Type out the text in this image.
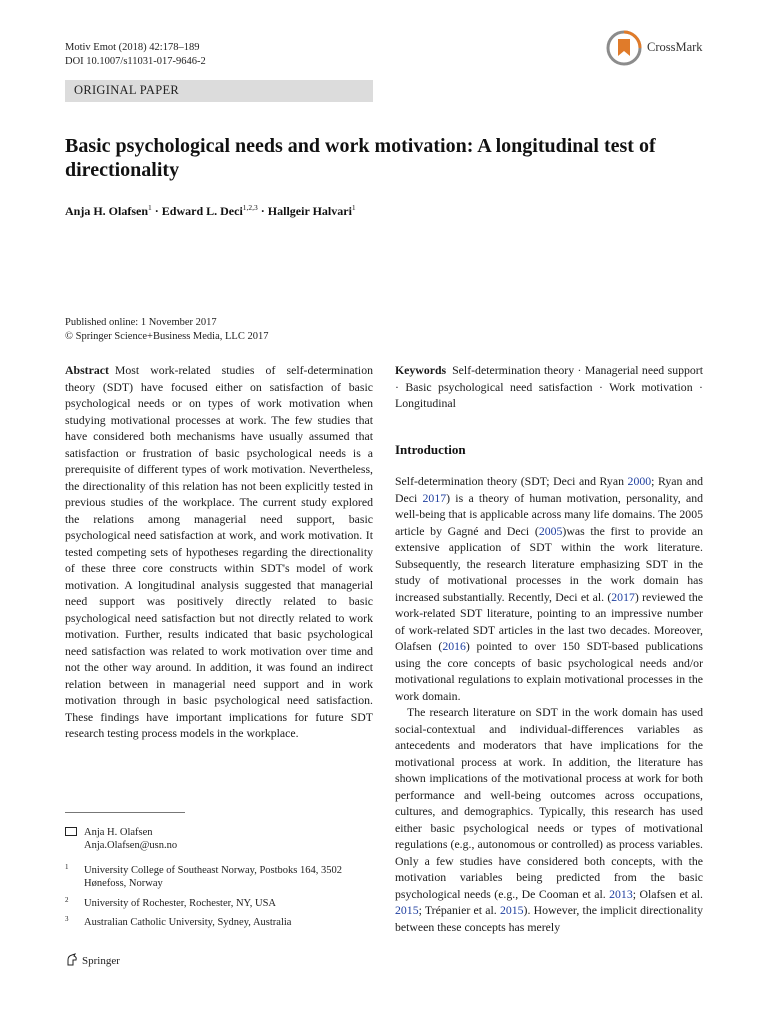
Motiv Emot (2018) 42:178–189
DOI 10.1007/s11031-017-9646-2
CrossMark
ORIGINAL PAPER
Basic psychological needs and work motivation: A longitudinal test of directionality
Anja H. Olafsen$^1$ · Edward L. Deci$^{1,2,3}$ · Hallgeir Halvari$^1$
Published online: 1 November 2017
© Springer Science+Business Media, LLC 2017

Abstract Most work-related studies of self-determination theory (SDT) have focused either on satisfaction of basic psychological needs or on types of work motivation when studying motivational processes at work. The few studies that have considered both mechanisms have usually assumed that satisfaction or frustration of basic psychological needs is a prerequisite of different types of work motivation. Nevertheless, the directionality of this relation has not been explicitly tested in previous studies of the workplace. The current study explored the relations among managerial need support, basic psychological need satisfaction at work, and work motivation. It tested competing sets of hypotheses regarding the directionality of these three core constructs within SDT's model of work motivation. A longitudinal analysis suggested that managerial need support was positively directly related to basic psychological need satisfaction but not directly related to work motivation. Further, results indicated that basic psychological need satisfaction was related to work motivation over time and not the other way around. In addition, it was found an indirect relation between in managerial need support and in work motivation through in basic psychological need satisfaction. These findings have important implications for future SDT research testing process models in the workplace.

Keywords Self-determination theory · Managerial need support · Basic psychological need satisfaction · Work motivation · Longitudinal

Introduction

Self-determination theory (SDT; Deci and Ryan 2000; Ryan and Deci 2017) is a theory of human motivation, personality, and well-being that is applicable across many life domains. The 2005 article by Gagné and Deci (2005)was the first to provide an extensive application of SDT within the work literature. Subsequently, the research literature emphasizing SDT in the study of motivational processes in the work domain has increased substantially. Recently, Deci et al. (2017) reviewed the work-related SDT literature, pointing to an impressive number of work-related SDT articles in the last two decades. Moreover, Olafsen (2016) pointed to over 150 SDT-based publications using the core concepts of basic psychological needs and/or motivational regulations to explain motivational processes in the work domain.

The research literature on SDT in the work domain has used social-contextual and individual-differences variables as antecedents and moderators that have implications for the motivational process at work. In addition, the literature has shown implications of the motivational process at work for both performance and well-being outcomes across occupations, cultures, and demographics. Typically, this research has used either basic psychological needs or types of motivational regulations (e.g., autonomous or controlled) as process variables. Only a few studies have considered both concepts, with the motivation variables being predicted from the basic psychological needs (e.g., De Cooman et al. 2013; Olafsen et al. 2015; Trépanier et al. 2015). However, the implicit directionality between these concepts has merely

Anja H. Olafsen
Anja.Olafsen@usn.no
1 University College of Southeast Norway, Postboks 164, 3502 Hønefoss, Norway
2 University of Rochester, Rochester, NY, USA
3 Australian Catholic University, Sydney, Australia
Springer
